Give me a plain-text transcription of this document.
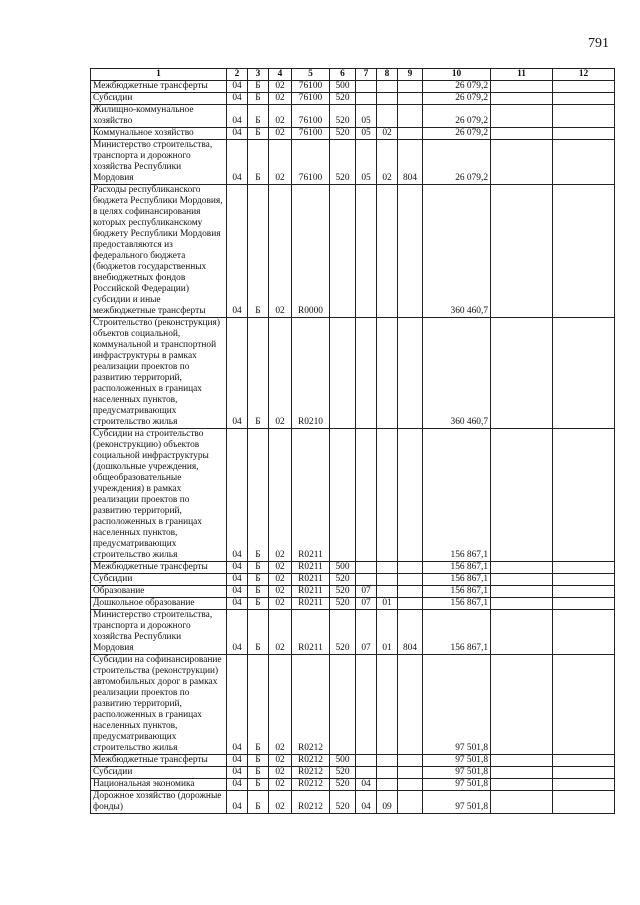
791
1	2	3	4	5	6	7	8	9	10	11	12
Межбюджетные трансферты	04	Б	02	76100	500				26 079,2		
Субсидии	04	Б	02	76100	520				26 079,2		
Жилищно-коммунальное хозяйство	04	Б	02	76100	520	05			26 079,2		
Коммунальное хозяйство	04	Б	02	76100	520	05	02		26 079,2		
Министерство строительства, транспорта и дорожного хозяйства Республики Мордовия	04	Б	02	76100	520	05	02	804	26 079,2		
Расходы республиканского бюджета Республики Мордовия, в целях софинансирования которых республиканскому бюджету Республики Мордовия предоставляются из федерального бюджета (бюджетов государственных внебюджетных фондов Российской Федерации) субсидии и иные межбюджетные трансферты	04	Б	02	R0000					360 460,7		
Строительство (реконструкция) объектов социальной, коммунальной и транспортной инфраструктуры в рамках реализации проектов по развитию территорий, расположенных в границах населенных пунктов, предусматривающих строительство жилья	04	Б	02	R0210					360 460,7		
Субсидии на строительство (реконструкцию) объектов социальной инфраструктуры (дошкольные учреждения, общеобразовательные учреждения) в рамках реализации проектов по развитию территорий, расположенных в границах населенных пунктов, предусматривающих строительство жилья	04	Б	02	R0211					156 867,1		
Межбюджетные трансферты	04	Б	02	R0211	500				156 867,1		
Субсидии	04	Б	02	R0211	520				156 867,1		
Образование	04	Б	02	R0211	520	07			156 867,1		
Дошкольное образование	04	Б	02	R0211	520	07	01		156 867,1		
Министерство строительства, транспорта и дорожного хозяйства Республики Мордовия	04	Б	02	R0211	520	07	01	804	156 867,1		
Субсидии на софинансирование строительства (реконструкции) автомобильных дорог в рамках реализации проектов по развитию территорий, расположенных в границах населенных пунктов, предусматривающих строительство жилья	04	Б	02	R0212					97 501,8		
Межбюджетные трансферты	04	Б	02	R0212	500				97 501,8		
Субсидии	04	Б	02	R0212	520				97 501,8		
Национальная экономика	04	Б	02	R0212	520	04			97 501,8		
Дорожное хозяйство (дорожные фонды)	04	Б	02	R0212	520	04	09		97 501,8		
